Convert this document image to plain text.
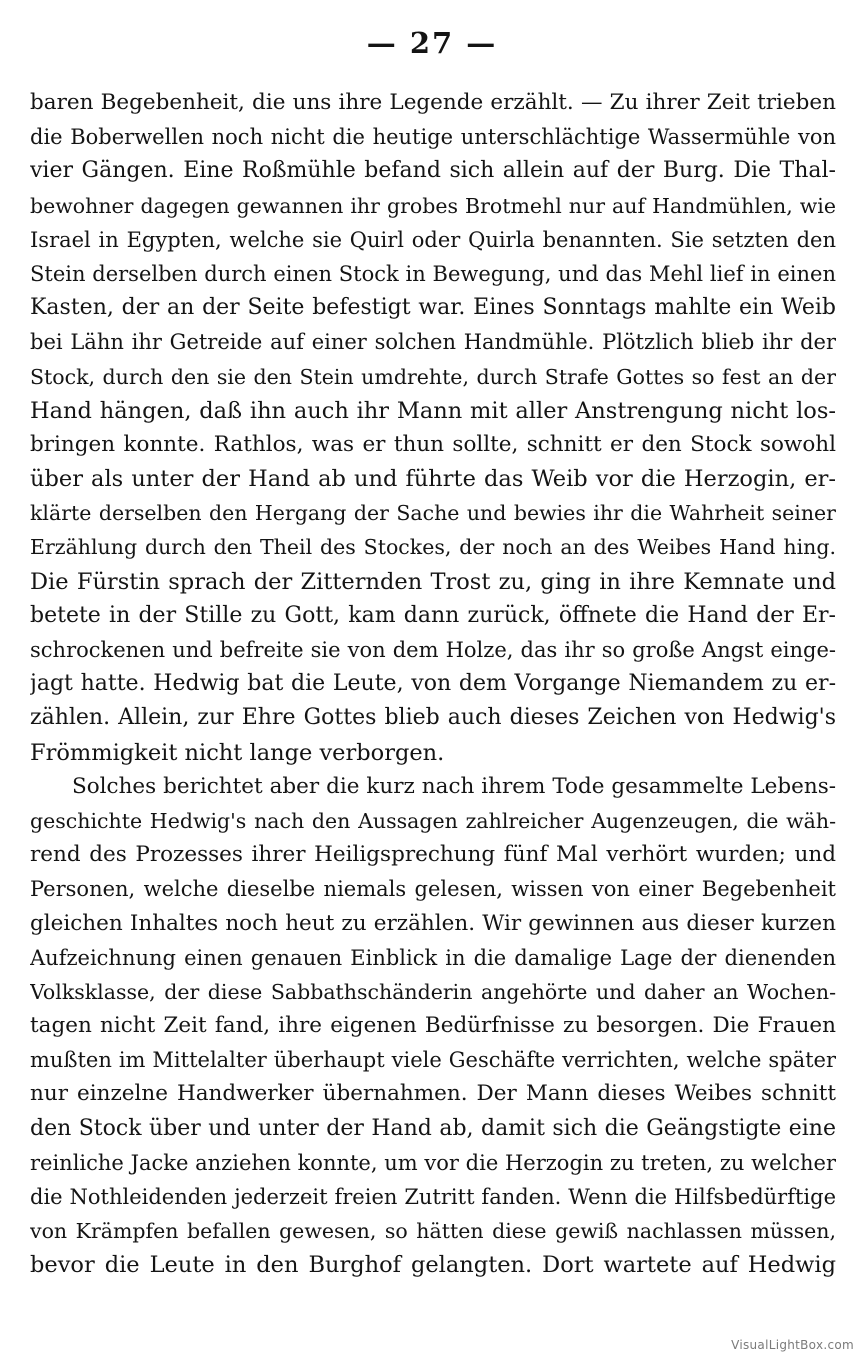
— 27 —
baren Begebenheit, die uns ihre Legende erzählt. — Zu ihrer Zeit trieben
die Boberwellen noch nicht die heutige unterschlächtige Wassermühle von
vier Gängen. Eine Roßmühle befand sich allein auf der Burg. Die Thal-
bewohner dagegen gewannen ihr grobes Brotmehl nur auf Handmühlen, wie
Israel in Egypten, welche sie Quirl oder Quirla benannten. Sie setzten den
Stein derselben durch einen Stock in Bewegung, und das Mehl lief in einen
Kasten, der an der Seite befestigt war. Eines Sonntags mahlte ein Weib
bei Lähn ihr Getreide auf einer solchen Handmühle. Plötzlich blieb ihr der
Stock, durch den sie den Stein umdrehte, durch Strafe Gottes so fest an der
Hand hängen, daß ihn auch ihr Mann mit aller Anstrengung nicht los-
bringen konnte. Rathlos, was er thun sollte, schnitt er den Stock sowohl
über als unter der Hand ab und führte das Weib vor die Herzogin, er-
klärte derselben den Hergang der Sache und bewies ihr die Wahrheit seiner
Erzählung durch den Theil des Stockes, der noch an des Weibes Hand hing.
Die Fürstin sprach der Zitternden Trost zu, ging in ihre Kemnate und
betete in der Stille zu Gott, kam dann zurück, öffnete die Hand der Er-
schrockenen und befreite sie von dem Holze, das ihr so große Angst einge-
jagt hatte. Hedwig bat die Leute, von dem Vorgange Niemandem zu er-
zählen. Allein, zur Ehre Gottes blieb auch dieses Zeichen von Hedwig's
Frömmigkeit nicht lange verborgen.
Solches berichtet aber die kurz nach ihrem Tode gesammelte Lebens-
geschichte Hedwig's nach den Aussagen zahlreicher Augenzeugen, die wäh-
rend des Prozesses ihrer Heiligsprechung fünf Mal verhört wurden; und
Personen, welche dieselbe niemals gelesen, wissen von einer Begebenheit
gleichen Inhaltes noch heut zu erzählen. Wir gewinnen aus dieser kurzen
Aufzeichnung einen genauen Einblick in die damalige Lage der dienenden
Volksklasse, der diese Sabbathschänderin angehörte und daher an Wochen-
tagen nicht Zeit fand, ihre eigenen Bedürfnisse zu besorgen. Die Frauen
mußten im Mittelalter überhaupt viele Geschäfte verrichten, welche später
nur einzelne Handwerker übernahmen. Der Mann dieses Weibes schnitt
den Stock über und unter der Hand ab, damit sich die Geängstigte eine
reinliche Jacke anziehen konnte, um vor die Herzogin zu treten, zu welcher
die Nothleidenden jederzeit freien Zutritt fanden. Wenn die Hilfsbedürftige
von Krämpfen befallen gewesen, so hätten diese gewiß nachlassen müssen,
bevor die Leute in den Burghof gelangten. Dort wartete auf Hedwig
VisualLightBox.com
